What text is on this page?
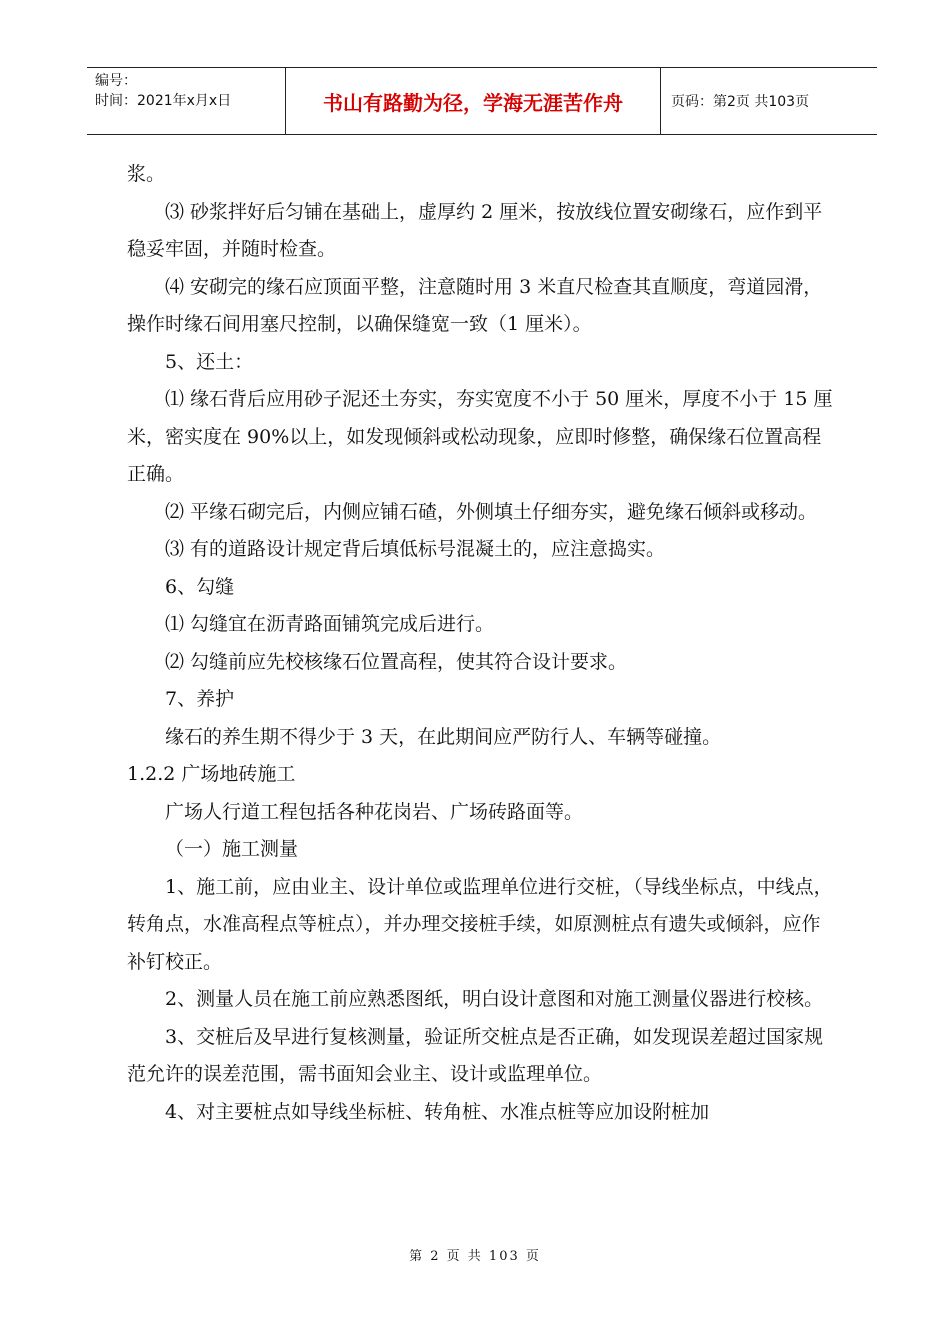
编号：
时间：2021年x月x日	书山有路勤为径，学海无涯苦作舟	页码：第2页 共103页

浆。

⑶ 砂浆拌好后匀铺在基础上，虚厚约 2 厘米，按放线位置安砌缘石，应作到平稳妥牢固，并随时检查。

⑷ 安砌完的缘石应顶面平整，注意随时用 3 米直尺检查其直顺度，弯道园滑，操作时缘石间用塞尺控制，以确保缝宽一致（1 厘米）。

5、还土：

⑴ 缘石背后应用砂子泥还土夯实，夯实宽度不小于 50 厘米，厚度不小于 15 厘米，密实度在 90%以上，如发现倾斜或松动现象，应即时修整，确保缘石位置高程正确。

⑵ 平缘石砌完后，内侧应铺石碴，外侧填土仔细夯实，避免缘石倾斜或移动。

⑶ 有的道路设计规定背后填低标号混凝土的，应注意捣实。

6、勾缝

⑴ 勾缝宜在沥青路面铺筑完成后进行。

⑵ 勾缝前应先校核缘石位置高程，使其符合设计要求。

7、养护

缘石的养生期不得少于 3 天，在此期间应严防行人、车辆等碰撞。

1.2.2 广场地砖施工

广场人行道工程包括各种花岗岩、广场砖路面等。

（一）施工测量

1、施工前，应由业主、设计单位或监理单位进行交桩，（导线坐标点，中线点，转角点，水准高程点等桩点），并办理交接桩手续，如原测桩点有遗失或倾斜，应作补钉校正。

2、测量人员在施工前应熟悉图纸，明白设计意图和对施工测量仪器进行校核。

3、交桩后及早进行复核测量，验证所交桩点是否正确，如发现误差超过国家规范允许的误差范围，需书面知会业主、设计或监理单位。

4、对主要桩点如导线坐标桩、转角桩、水准点桩等应加设附桩加

第 2 页 共 103 页
